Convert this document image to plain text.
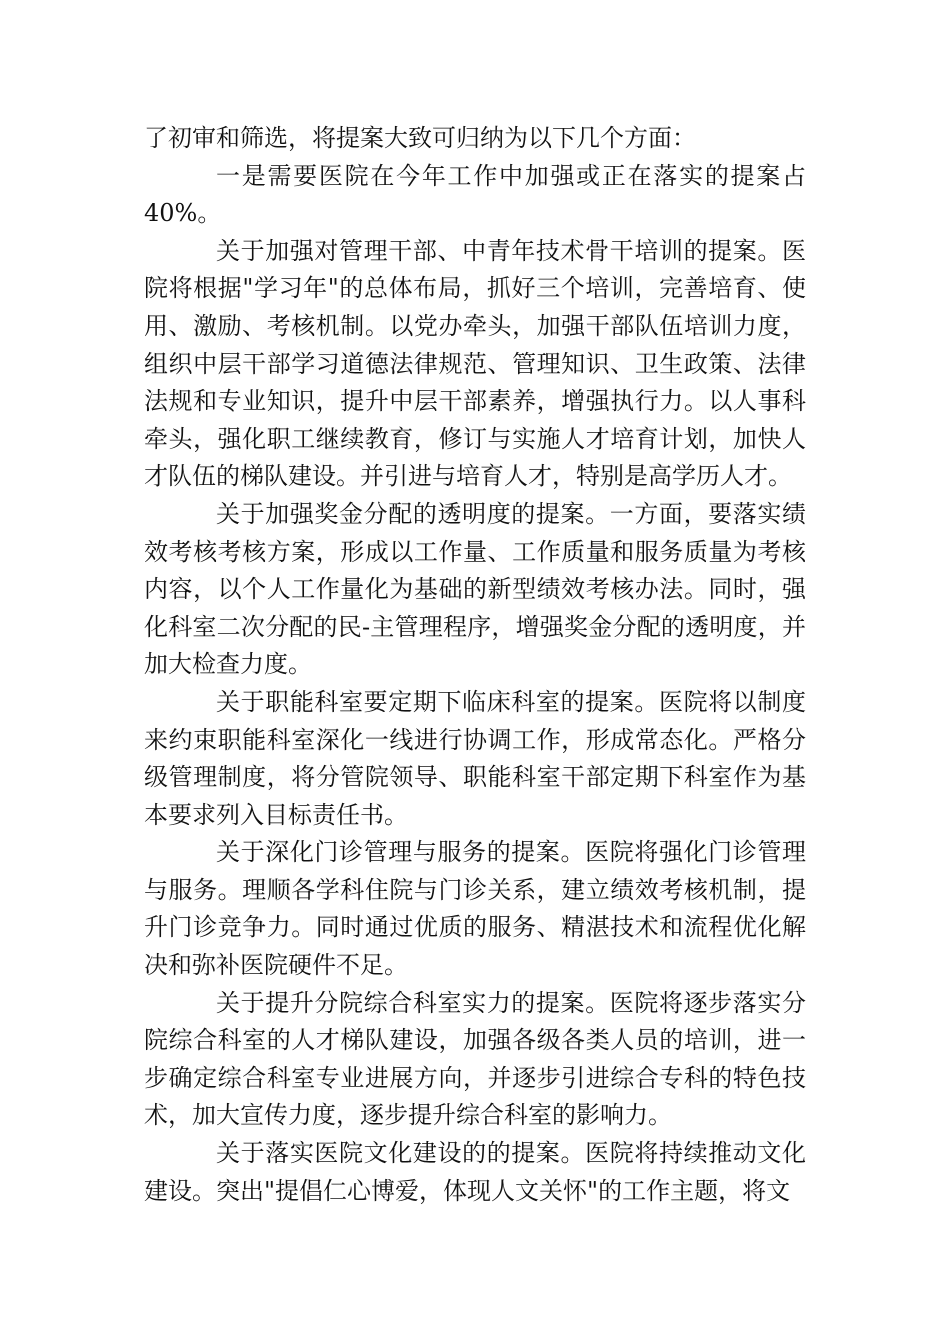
了初审和筛选，将提案大致可归纳为以下几个方面：

一是需要医院在今年工作中加强或正在落实的提案占40%。

关于加强对管理干部、中青年技术骨干培训的提案。医院将根据"学习年"的总体布局，抓好三个培训，完善培育、使用、激励、考核机制。以党办牵头，加强干部队伍培训力度，组织中层干部学习道德法律规范、管理知识、卫生政策、法律法规和专业知识，提升中层干部素养，增强执行力。以人事科牵头，强化职工继续教育，修订与实施人才培育计划，加快人才队伍的梯队建设。并引进与培育人才，特别是高学历人才。

关于加强奖金分配的透明度的提案。一方面，要落实绩效考核考核方案，形成以工作量、工作质量和服务质量为考核内容，以个人工作量化为基础的新型绩效考核办法。同时，强化科室二次分配的民-主管理程序，增强奖金分配的透明度，并加大检查力度。

关于职能科室要定期下临床科室的提案。医院将以制度来约束职能科室深化一线进行协调工作，形成常态化。严格分级管理制度，将分管院领导、职能科室干部定期下科室作为基本要求列入目标责任书。

关于深化门诊管理与服务的提案。医院将强化门诊管理与服务。理顺各学科住院与门诊关系，建立绩效考核机制，提升门诊竞争力。同时通过优质的服务、精湛技术和流程优化解决和弥补医院硬件不足。

关于提升分院综合科室实力的提案。医院将逐步落实分院综合科室的人才梯队建设，加强各级各类人员的培训，进一步确定综合科室专业进展方向，并逐步引进综合专科的特色技术，加大宣传力度，逐步提升综合科室的影响力。

关于落实医院文化建设的的提案。医院将持续推动文化建设。突出"提倡仁心博爱，体现人文关怀"的工作主题，将文
